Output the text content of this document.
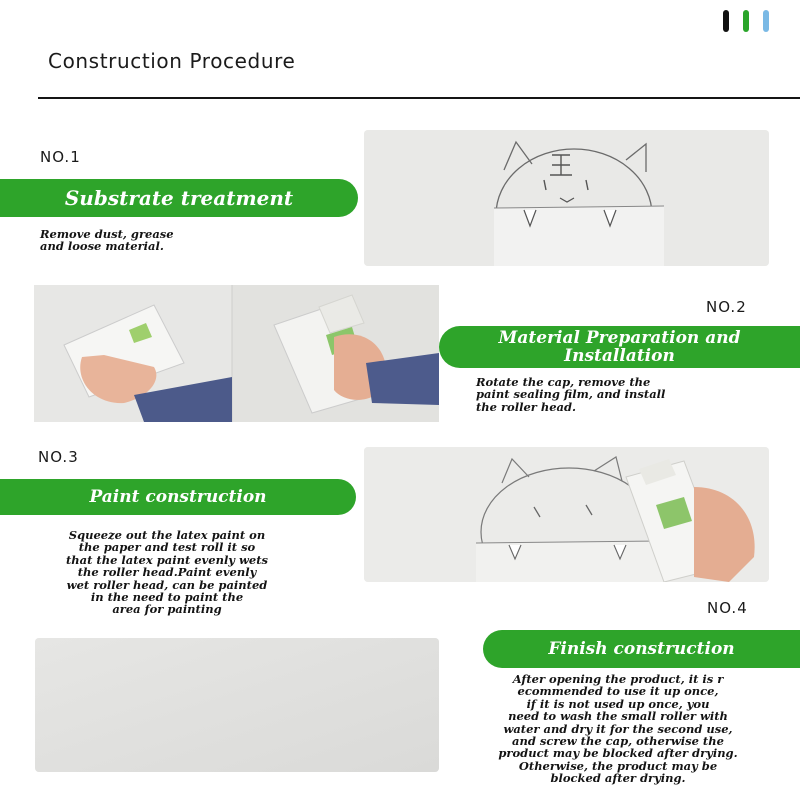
Construction Procedure
NO.1
Substrate treatment
Remove dust, grease
and loose material.
NO.2
Material Preparation and
Installation
Rotate the cap, remove the
paint sealing film, and install
the roller head.
NO.3
Paint construction
Squeeze out the latex paint on
the paper and test roll it so
that the latex paint evenly wets
the roller head.Paint evenly
wet roller head, can be painted
in the need to paint the
area for painting	NO.4
Finish construction
After opening the product, it is r
ecommended to use it up once,
if it is not used up once, you
need to wash the small roller with
water and dry it for the second use,
and screw the cap, otherwise the
product may be blocked after drying.
Otherwise, the product may be
blocked after drying.
